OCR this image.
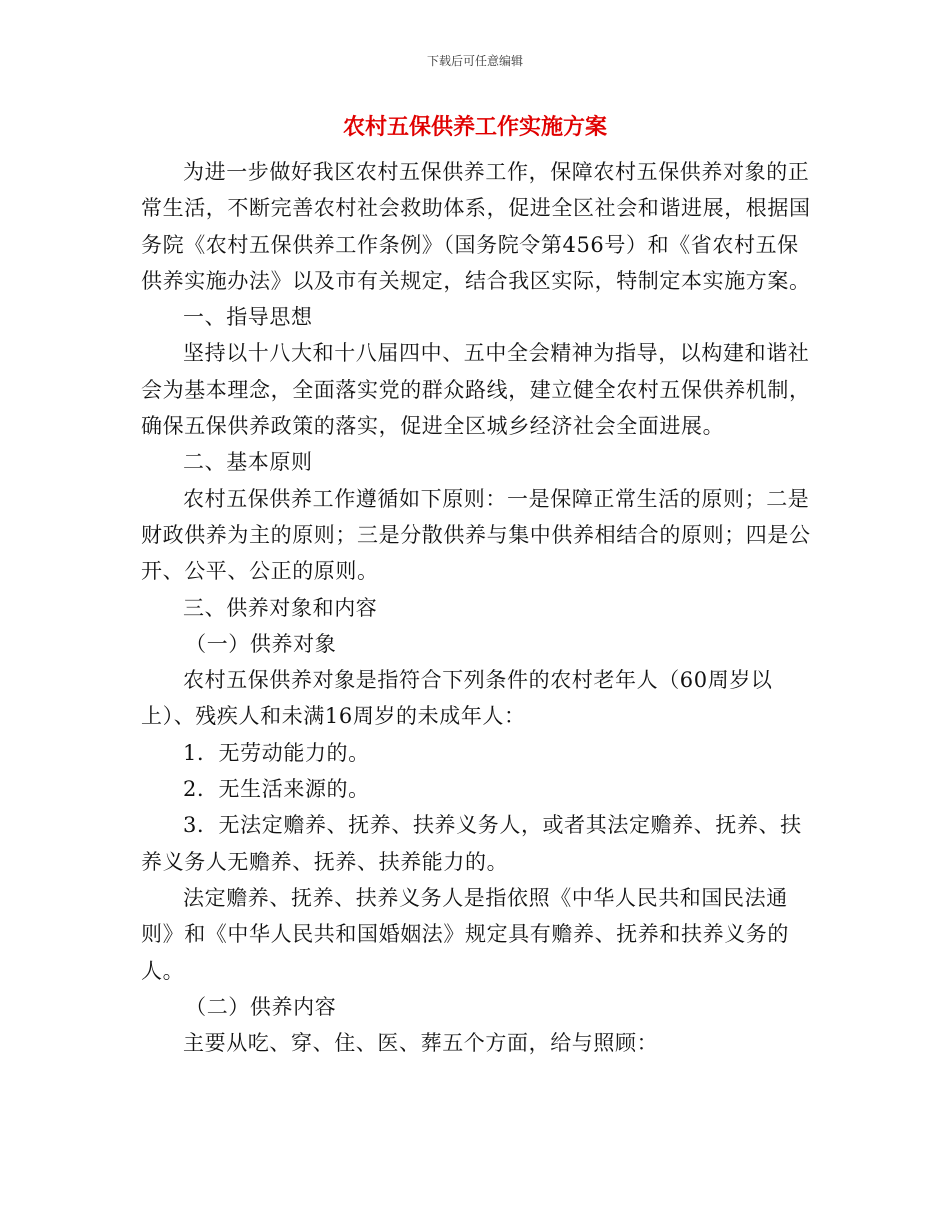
下载后可任意编辑
农村五保供养工作实施方案

为进一步做好我区农村五保供养工作，保障农村五保供养对象的正常生活，不断完善农村社会救助体系，促进全区社会和谐进展，根据国务院《农村五保供养工作条例》（国务院令第456号）和《省农村五保供养实施办法》以及市有关规定，结合我区实际，特制定本实施方案。

一、指导思想

坚持以十八大和十八届四中、五中全会精神为指导，以构建和谐社会为基本理念，全面落实党的群众路线，建立健全农村五保供养机制，确保五保供养政策的落实，促进全区城乡经济社会全面进展。

二、基本原则

农村五保供养工作遵循如下原则：一是保障正常生活的原则；二是财政供养为主的原则；三是分散供养与集中供养相结合的原则；四是公开、公平、公正的原则。

三、供养对象和内容

（一）供养对象

农村五保供养对象是指符合下列条件的农村老年人（60周岁以上）、残疾人和未满16周岁的未成年人：

1．无劳动能力的。

2．无生活来源的。

3．无法定赡养、抚养、扶养义务人，或者其法定赡养、抚养、扶养义务人无赡养、抚养、扶养能力的。

法定赡养、抚养、扶养义务人是指依照《中华人民共和国民法通则》和《中华人民共和国婚姻法》规定具有赡养、抚养和扶养义务的人。

（二）供养内容

主要从吃、穿、住、医、葬五个方面，给与照顾：
